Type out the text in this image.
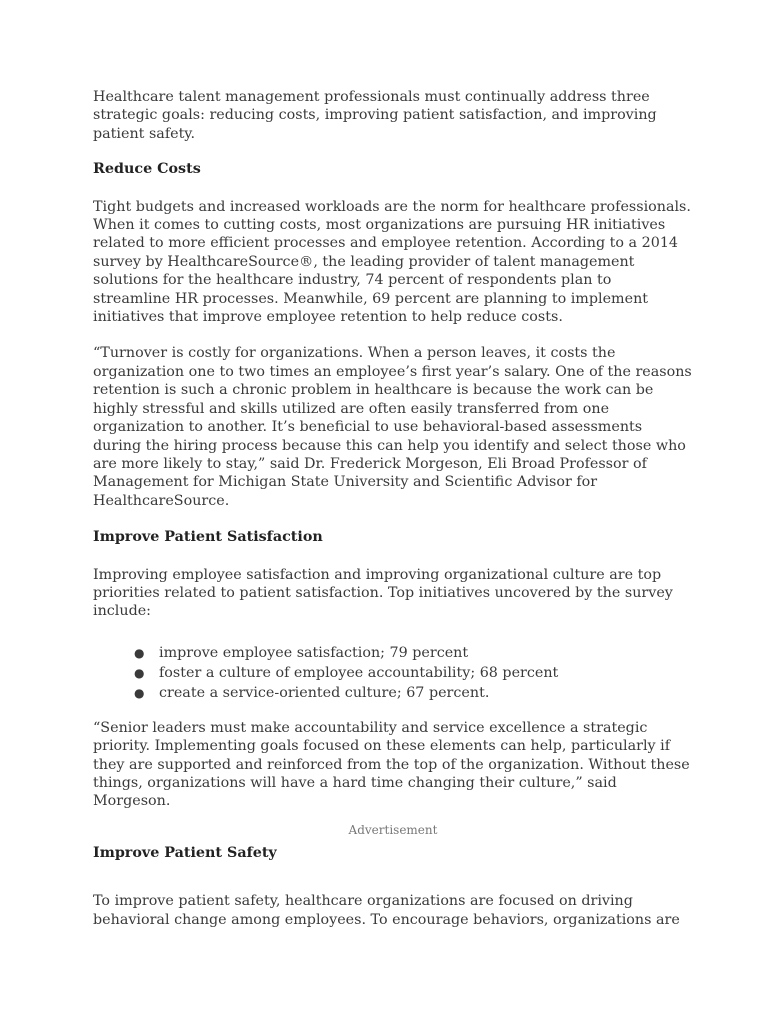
Healthcare talent management professionals must continually address three strategic goals: reducing costs, improving patient satisfaction, and improving patient safety.

Reduce Costs

Tight budgets and increased workloads are the norm for healthcare professionals. When it comes to cutting costs, most organizations are pursuing HR initiatives related to more efficient processes and employee retention. According to a 2014 survey by HealthcareSource®, the leading provider of talent management solutions for the healthcare industry, 74 percent of respondents plan to streamline HR processes. Meanwhile, 69 percent are planning to implement initiatives that improve employee retention to help reduce costs.

“Turnover is costly for organizations. When a person leaves, it costs the organization one to two times an employee’s first year’s salary. One of the reasons retention is such a chronic problem in healthcare is because the work can be highly stressful and skills utilized are often easily transferred from one organization to another. It’s beneficial to use behavioral-based assessments during the hiring process because this can help you identify and select those who are more likely to stay,” said Dr. Frederick Morgeson, Eli Broad Professor of Management for Michigan State University and Scientific Advisor for HealthcareSource.

Improve Patient Satisfaction

Improving employee satisfaction and improving organizational culture are top priorities related to patient satisfaction. Top initiatives uncovered by the survey include:

● improve employee satisfaction; 79 percent
● foster a culture of employee accountability; 68 percent
● create a service-oriented culture; 67 percent.

“Senior leaders must make accountability and service excellence a strategic priority. Implementing goals focused on these elements can help, particularly if they are supported and reinforced from the top of the organization. Without these things, organizations will have a hard time changing their culture,” said Morgeson.

Advertisement

Improve Patient Safety

To improve patient safety, healthcare organizations are focused on driving behavioral change among employees. To encourage behaviors, organizations are
